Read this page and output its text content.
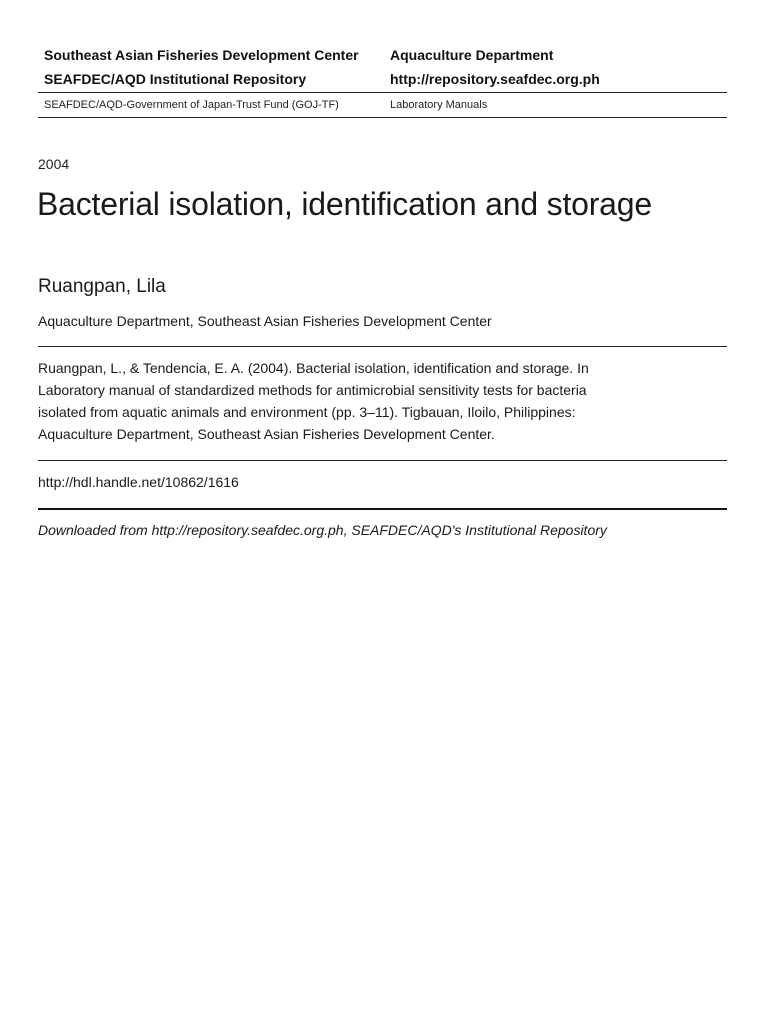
Southeast Asian Fisheries Development Center	Aquaculture Department
SEAFDEC/AQD Institutional Repository	http://repository.seafdec.org.ph
SEAFDEC/AQD-Government of Japan-Trust Fund (GOJ-TF)	Laboratory Manuals
2004
Bacterial isolation, identification and storage
Ruangpan, Lila
Aquaculture Department, Southeast Asian Fisheries Development Center
Ruangpan, L., & Tendencia, E. A. (2004). Bacterial isolation, identification and storage. In
Laboratory manual of standardized methods for antimicrobial sensitivity tests for bacteria
isolated from aquatic animals and environment (pp. 3–11). Tigbauan, Iloilo, Philippines:
Aquaculture Department, Southeast Asian Fisheries Development Center.
http://hdl.handle.net/10862/1616
Downloaded from http://repository.seafdec.org.ph, SEAFDEC/AQD's Institutional Repository
